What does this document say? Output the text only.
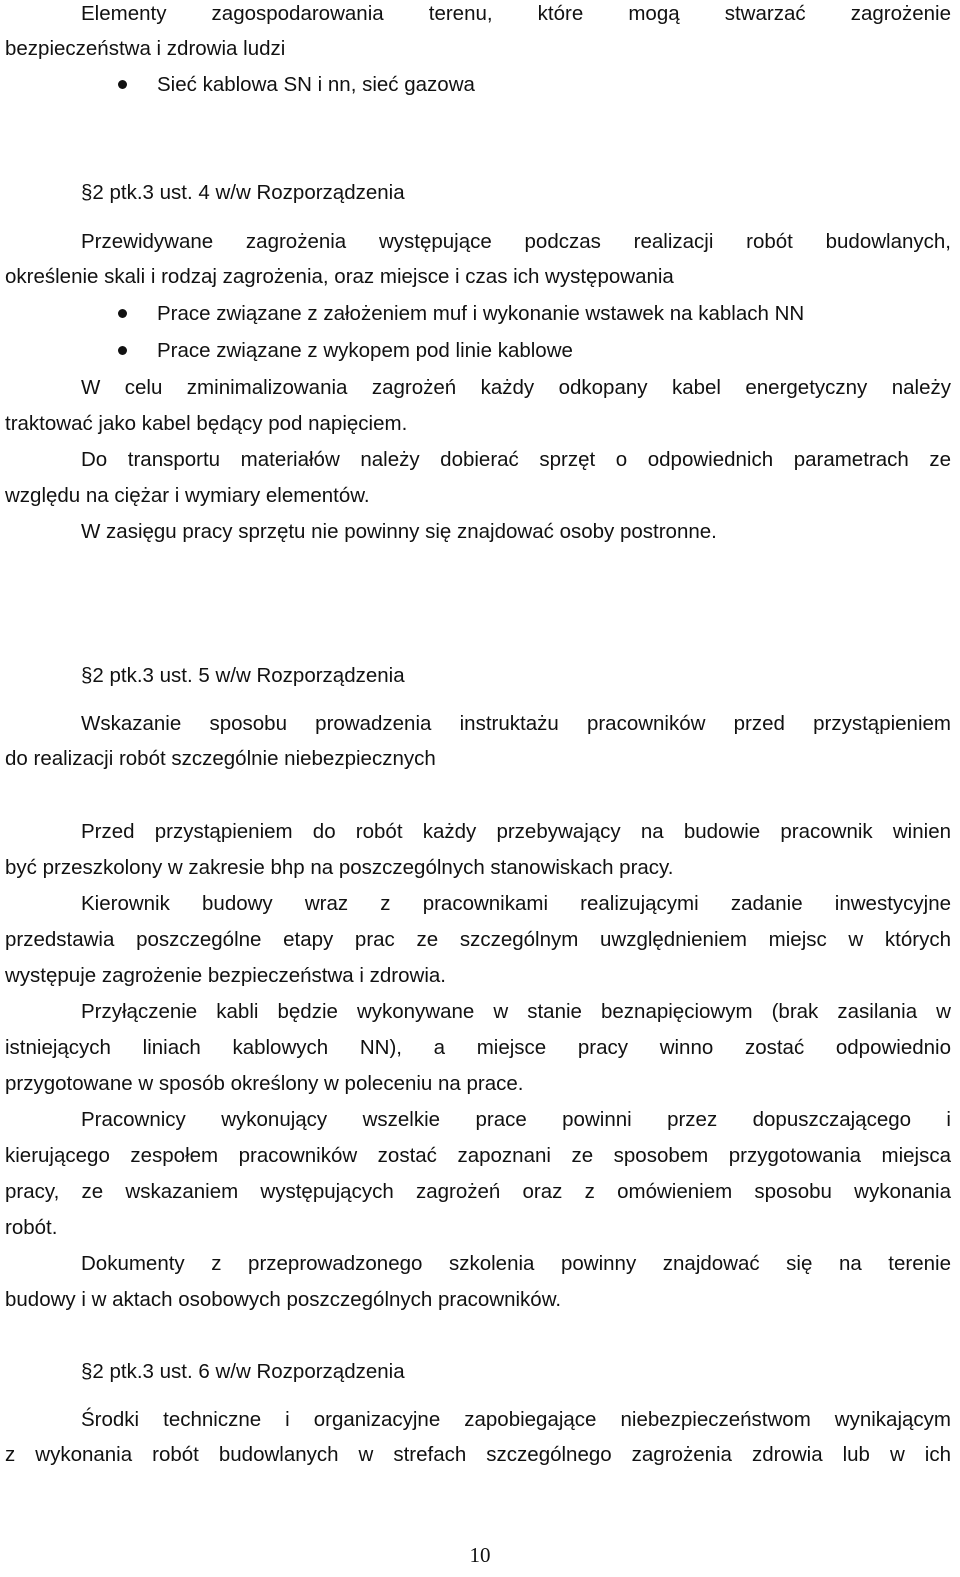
Elementy zagospodarowania terenu, które mogą stwarzać zagrożenie
bezpieczeństwa i zdrowia ludzi
Sieć kablowa SN i nn, sieć gazowa
§2 ptk.3 ust. 4 w/w Rozporządzenia
Przewidywane zagrożenia występujące podczas realizacji robót budowlanych,
określenie skali i rodzaj zagrożenia, oraz miejsce i czas ich występowania
Prace związane z założeniem muf i wykonanie wstawek na kablach NN
Prace związane z wykopem pod linie kablowe
W celu zminimalizowania zagrożeń każdy odkopany kabel energetyczny należy
traktować jako kabel będący pod napięciem.
Do transportu materiałów należy dobierać sprzęt o odpowiednich parametrach ze
względu na ciężar i wymiary elementów.
W zasięgu pracy sprzętu nie powinny się znajdować osoby postronne.
§2 ptk.3 ust. 5 w/w Rozporządzenia
Wskazanie sposobu prowadzenia instruktażu pracowników przed przystąpieniem
do realizacji robót szczególnie niebezpiecznych
Przed przystąpieniem do robót każdy przebywający na budowie pracownik winien
być przeszkolony w zakresie bhp na poszczególnych stanowiskach pracy.
Kierownik budowy wraz z pracownikami realizującymi zadanie inwestycyjne
przedstawia poszczególne etapy prac ze szczególnym uwzględnieniem miejsc w których
występuje zagrożenie bezpieczeństwa i zdrowia.
Przyłączenie kabli będzie wykonywane w stanie beznapięciowym (brak zasilania w
istniejących liniach kablowych NN), a miejsce pracy winno zostać odpowiednio
przygotowane w sposób określony w poleceniu na prace.
Pracownicy wykonujący wszelkie prace powinni przez dopuszczającego i
kierującego zespołem pracowników zostać zapoznani ze sposobem przygotowania miejsca
pracy, ze wskazaniem występujących zagrożeń oraz z omówieniem sposobu wykonania
robót.
Dokumenty z przeprowadzonego szkolenia powinny znajdować się na terenie
budowy i w aktach osobowych poszczególnych pracowników.
§2 ptk.3 ust. 6 w/w Rozporządzenia
Środki techniczne i organizacyjne zapobiegające niebezpieczeństwom wynikającym
z wykonania robót budowlanych w strefach szczególnego zagrożenia zdrowia lub w ich
10
